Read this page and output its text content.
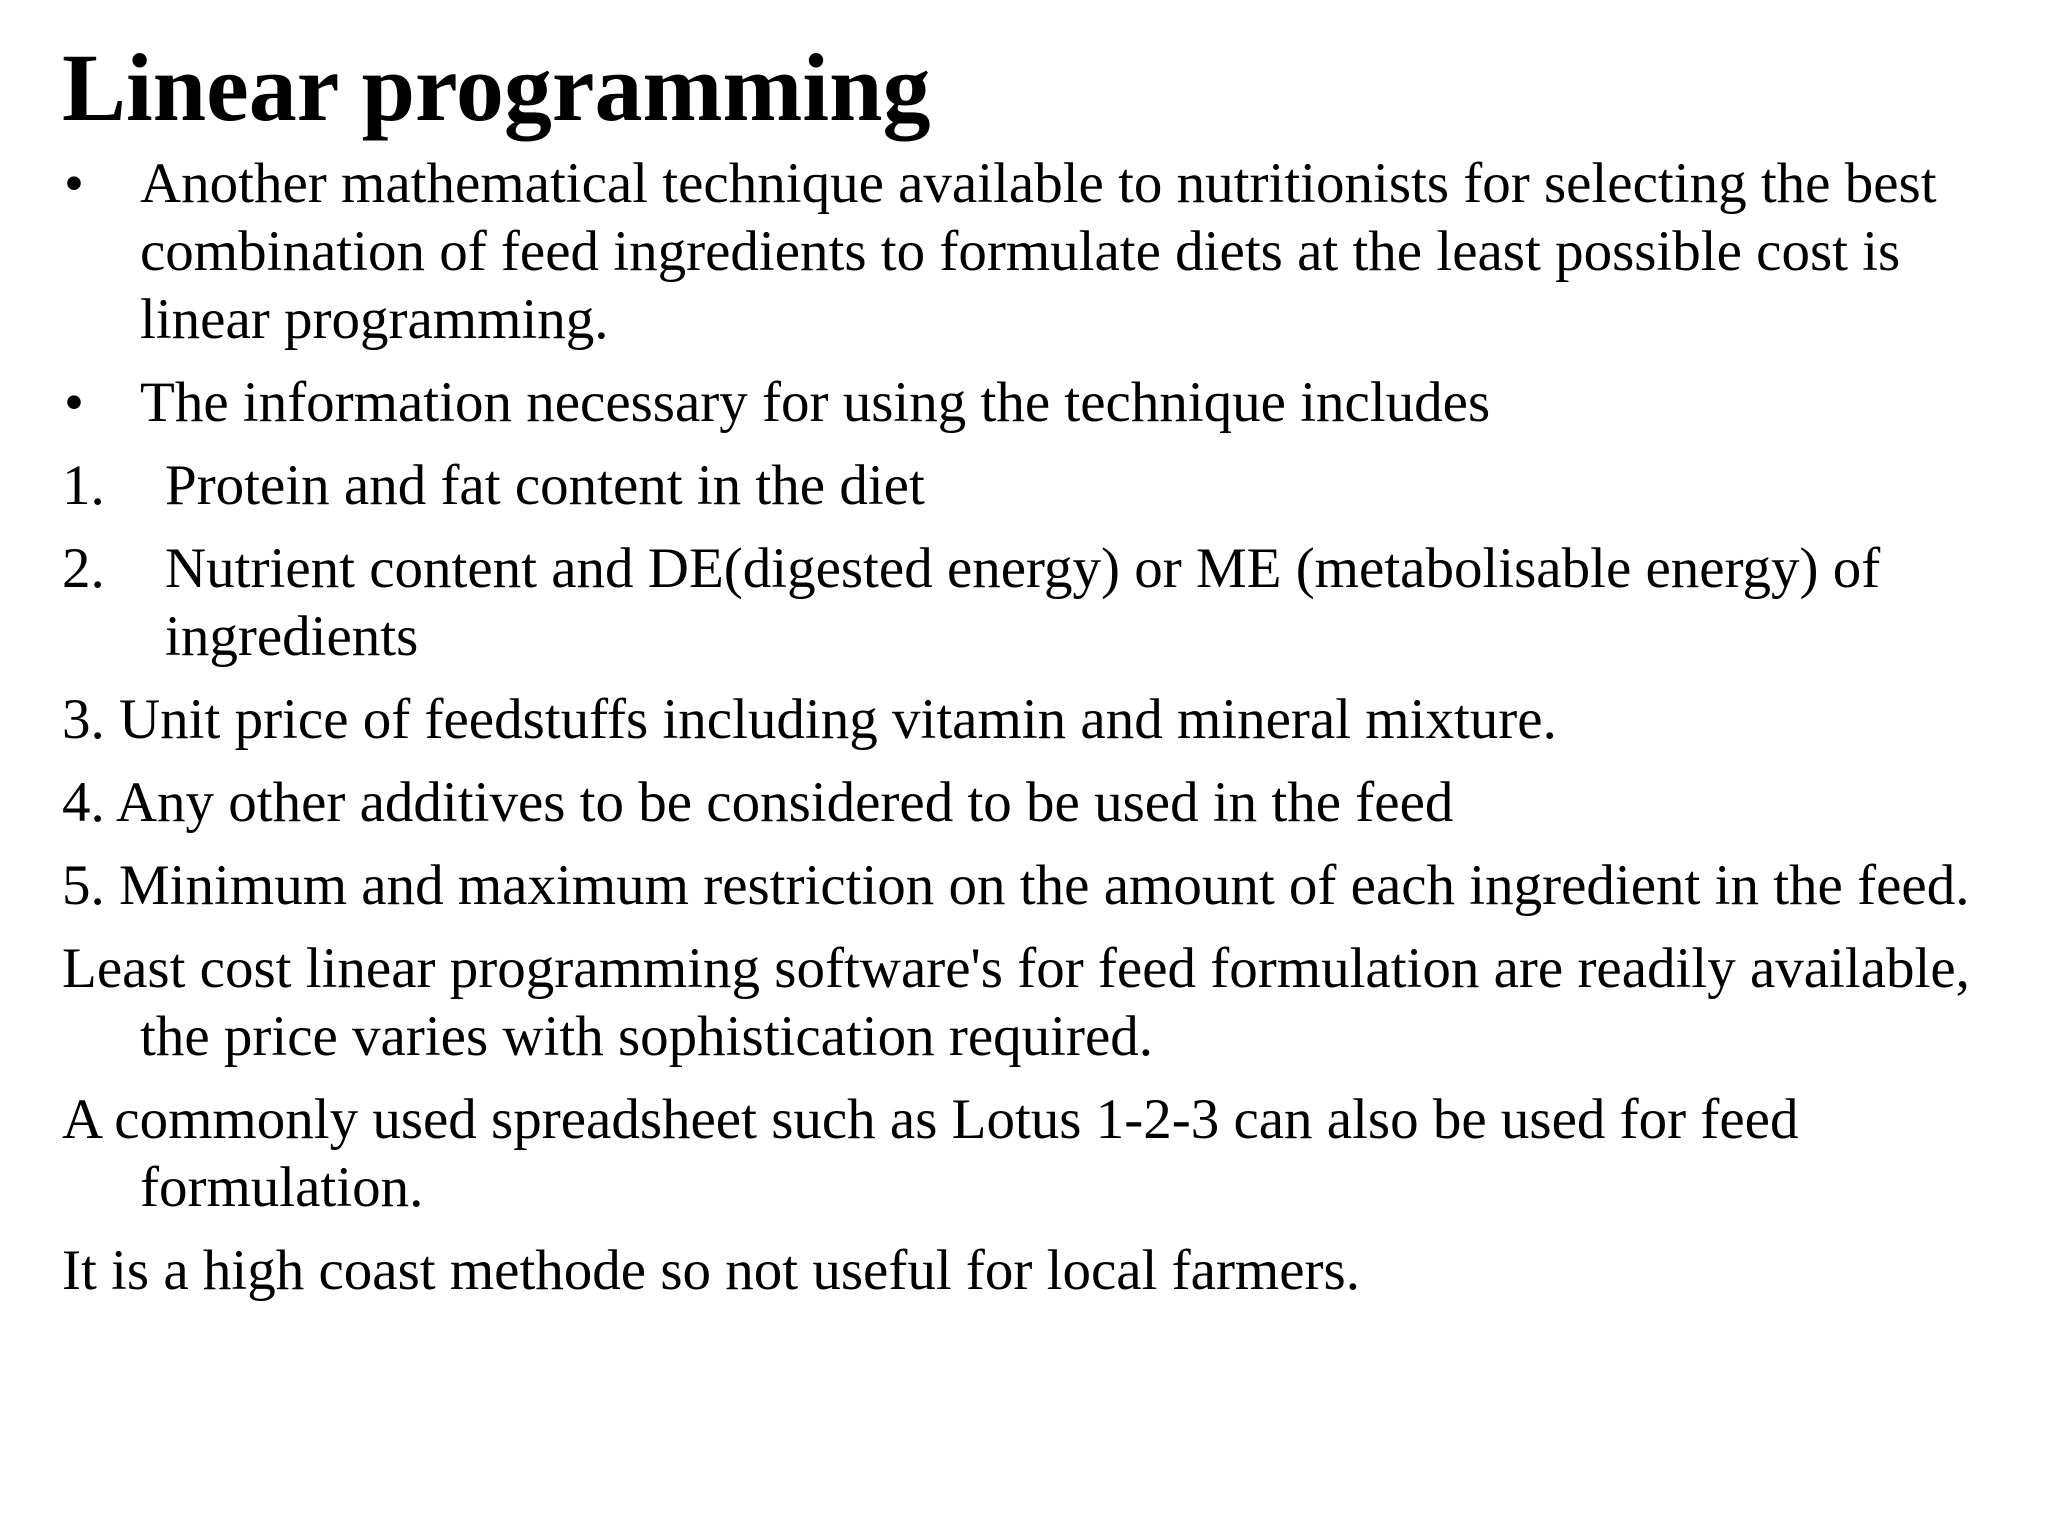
Linear programming
• Another mathematical technique available to nutritionists for selecting the best combination of feed ingredients to formulate diets at the least possible cost is linear programming.
• The information necessary for using the technique includes
1. Protein and fat content in the diet
2. Nutrient content and DE(digested energy) or ME (metabolisable energy) of ingredients
3. Unit price of feedstuffs including vitamin and mineral mixture.
4. Any other additives to be considered to be used in the feed
5. Minimum and maximum restriction on the amount of each ingredient in the feed.
Least cost linear programming software's for feed formulation are readily available, the price varies with sophistication required.
A commonly used spreadsheet such as Lotus 1-2-3 can also be used for feed formulation.
It is a high coast methode so not useful for local farmers.
